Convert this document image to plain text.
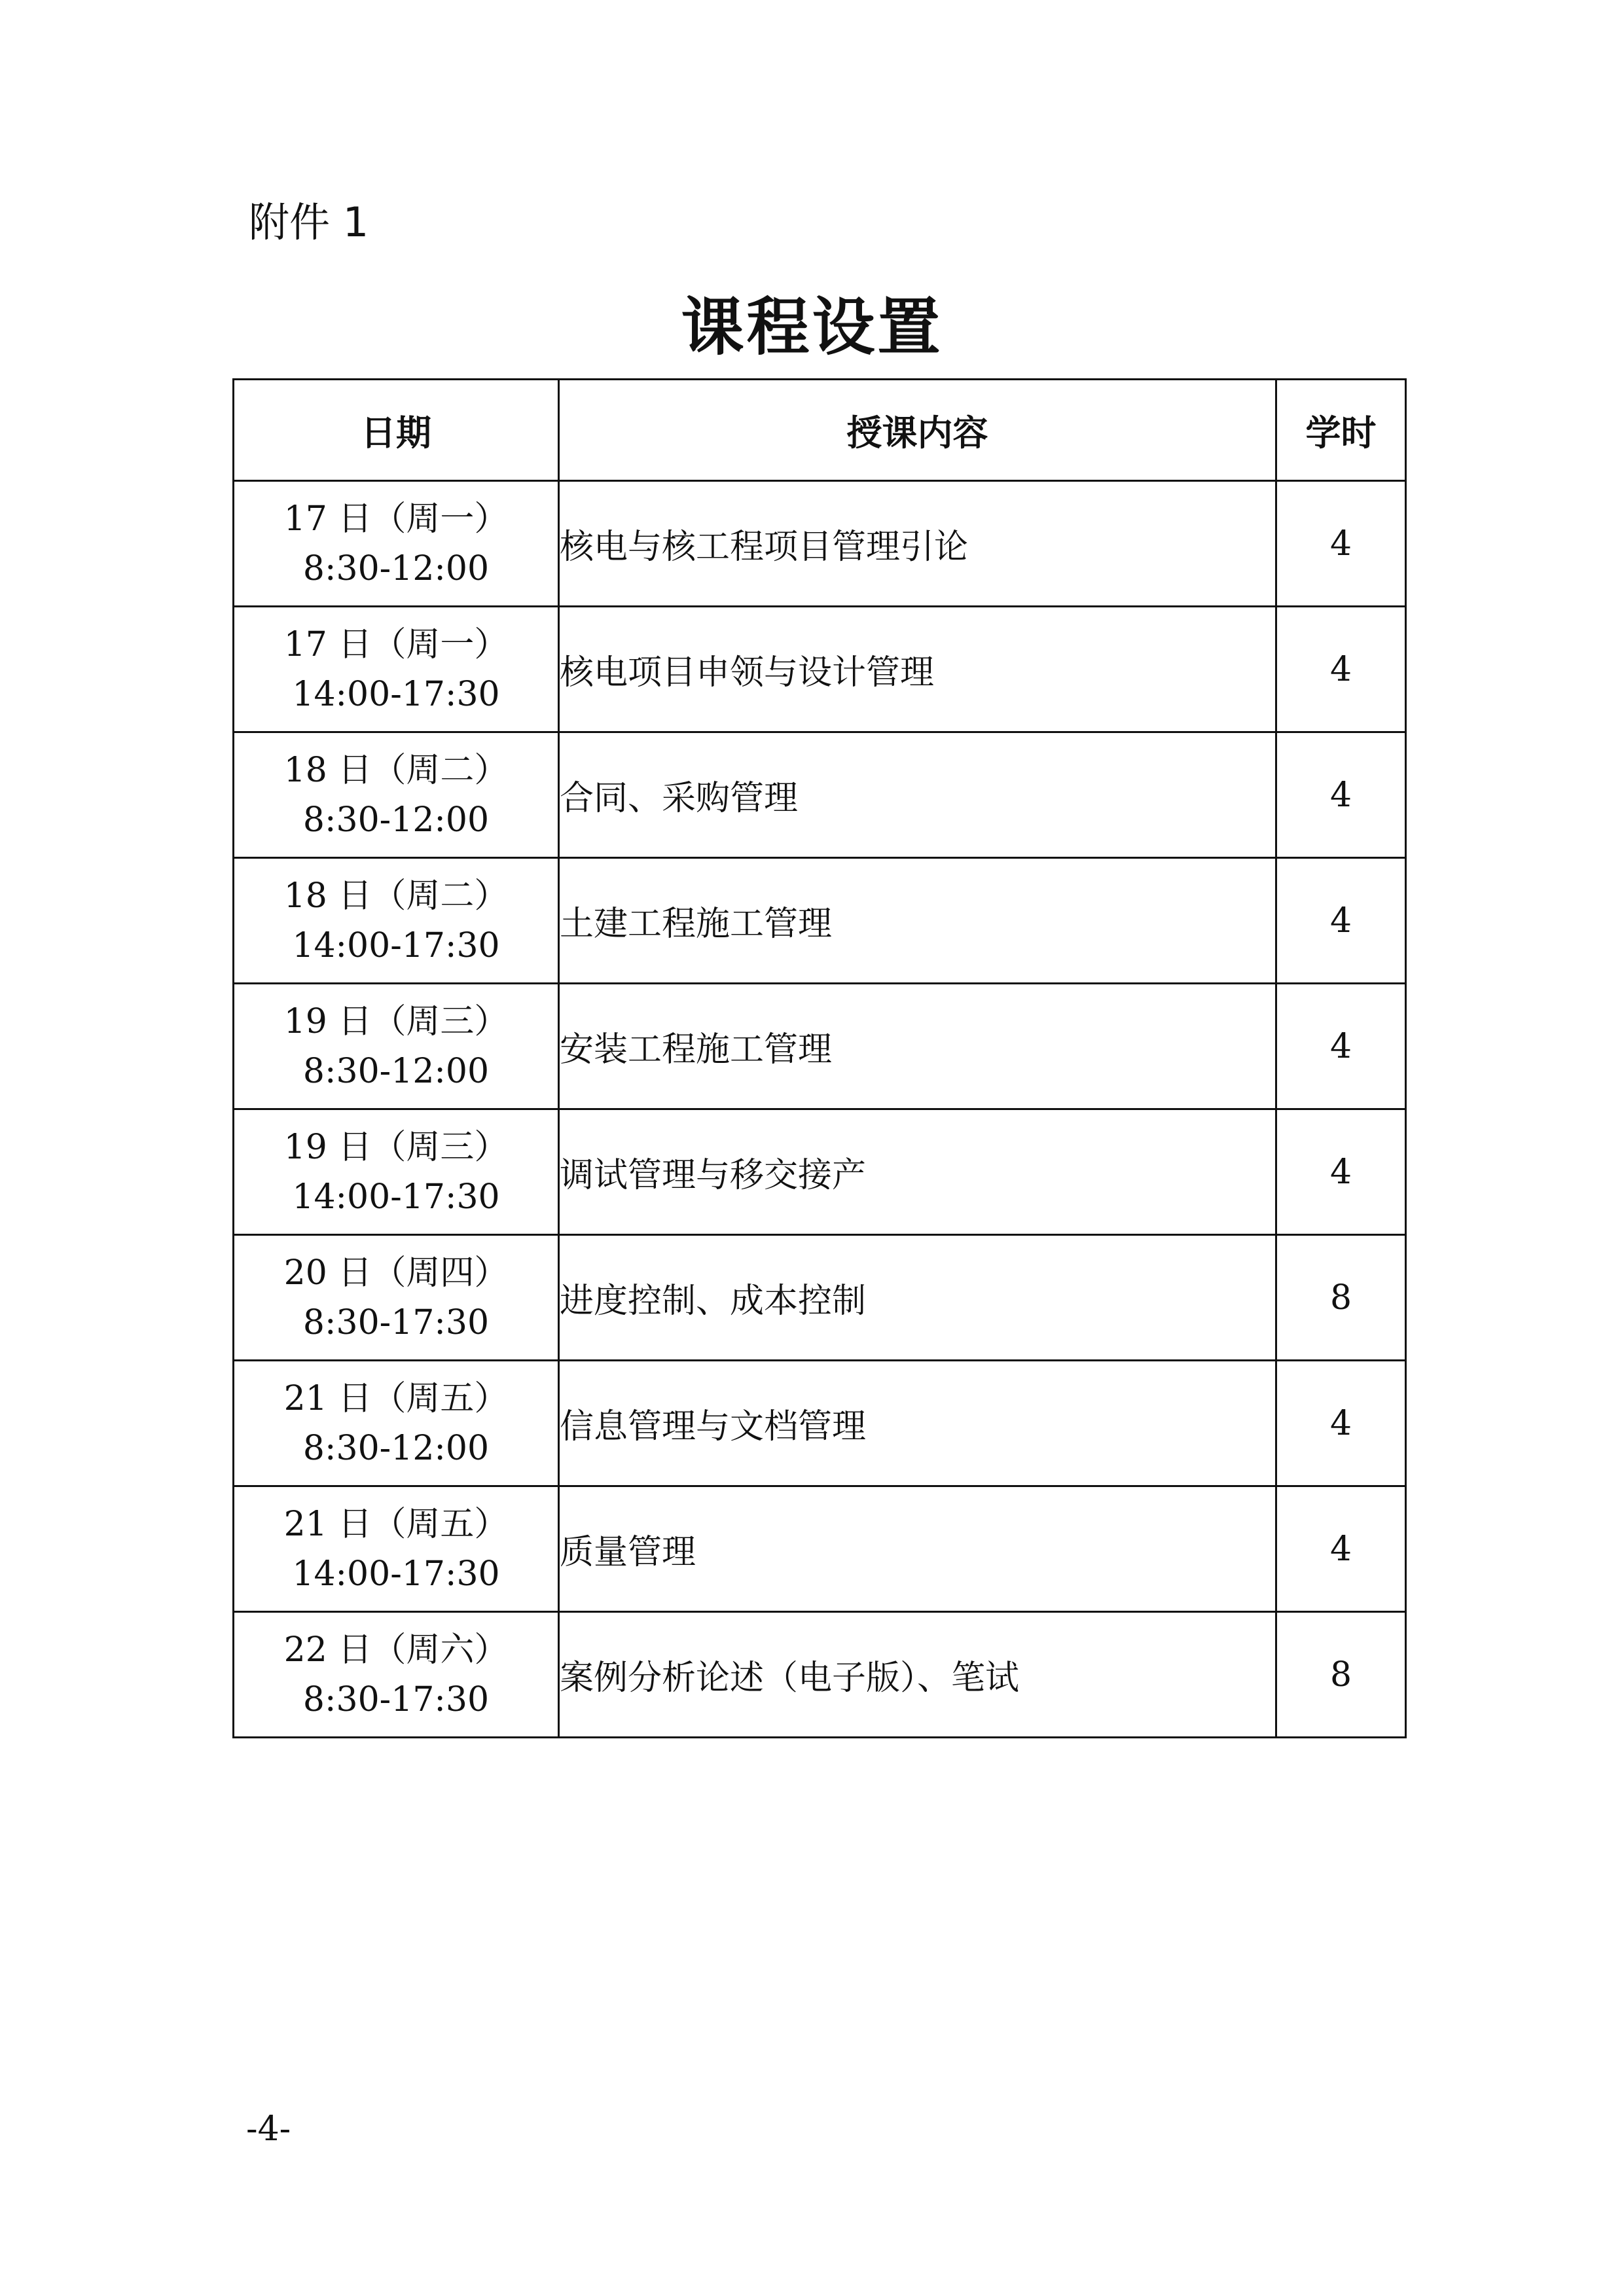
附件 1

课程设置
日期	授课内容	学时

17 日（周一）
8:30-12:00	核电与核工程项目管理引论	4

17 日（周一）
14:00-17:30	核电项目申领与设计管理	4

18 日（周二）
8:30-12:00	合同、采购管理	4

18 日（周二）
14:00-17:30	土建工程施工管理	4

19 日（周三）
8:30-12:00	安装工程施工管理	4

19 日（周三）
14:00-17:30	调试管理与移交接产	4

20 日（周四）
8:30-17:30	进度控制、成本控制	8

21 日（周五）
8:30-12:00	信息管理与文档管理	4

21 日（周五）
14:00-17:30	质量管理	4

22 日（周六）
8:30-17:30	案例分析论述（电子版）、笔试	8
-4-
